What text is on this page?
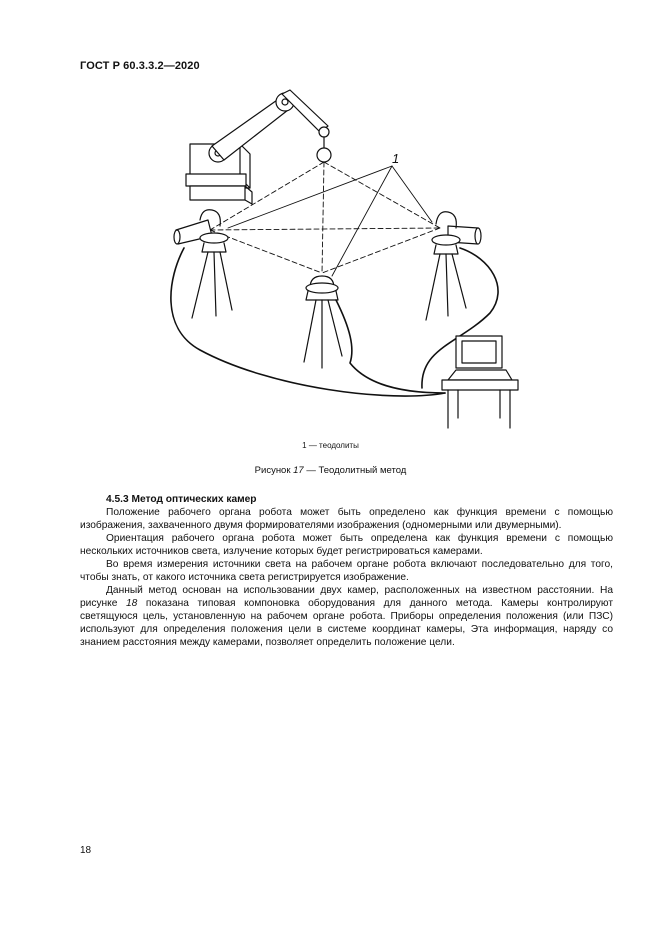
ГОСТ Р 60.3.3.2—2020
1
1 — теодолиты
Рисунок 17 — Теодолитный метод
4.5.3 Метод оптических камер

Положение рабочего органа робота может быть определено как функция времени с помощью изображения, захваченного двумя формирователями изображения (одномерными или двумерными).

Ориентация рабочего органа робота может быть определена как функция времени с помощью нескольких источников света, излучение которых будет регистрироваться камерами.

Во время измерения источники света на рабочем органе робота включают последовательно для того, чтобы знать, от какого источника света регистрируется изображение.

Данный метод основан на использовании двух камер, расположенных на известном расстоянии. На рисунке 18 показана типовая компоновка оборудования для данного метода. Камеры контролируют светящуюся цель, установленную на рабочем органе робота. Приборы определения положения (или ПЗС) используют для определения положения цели в системе координат камеры, Эта информация, наряду со знанием расстояния между камерами, позволяет определить положение цели.

18
